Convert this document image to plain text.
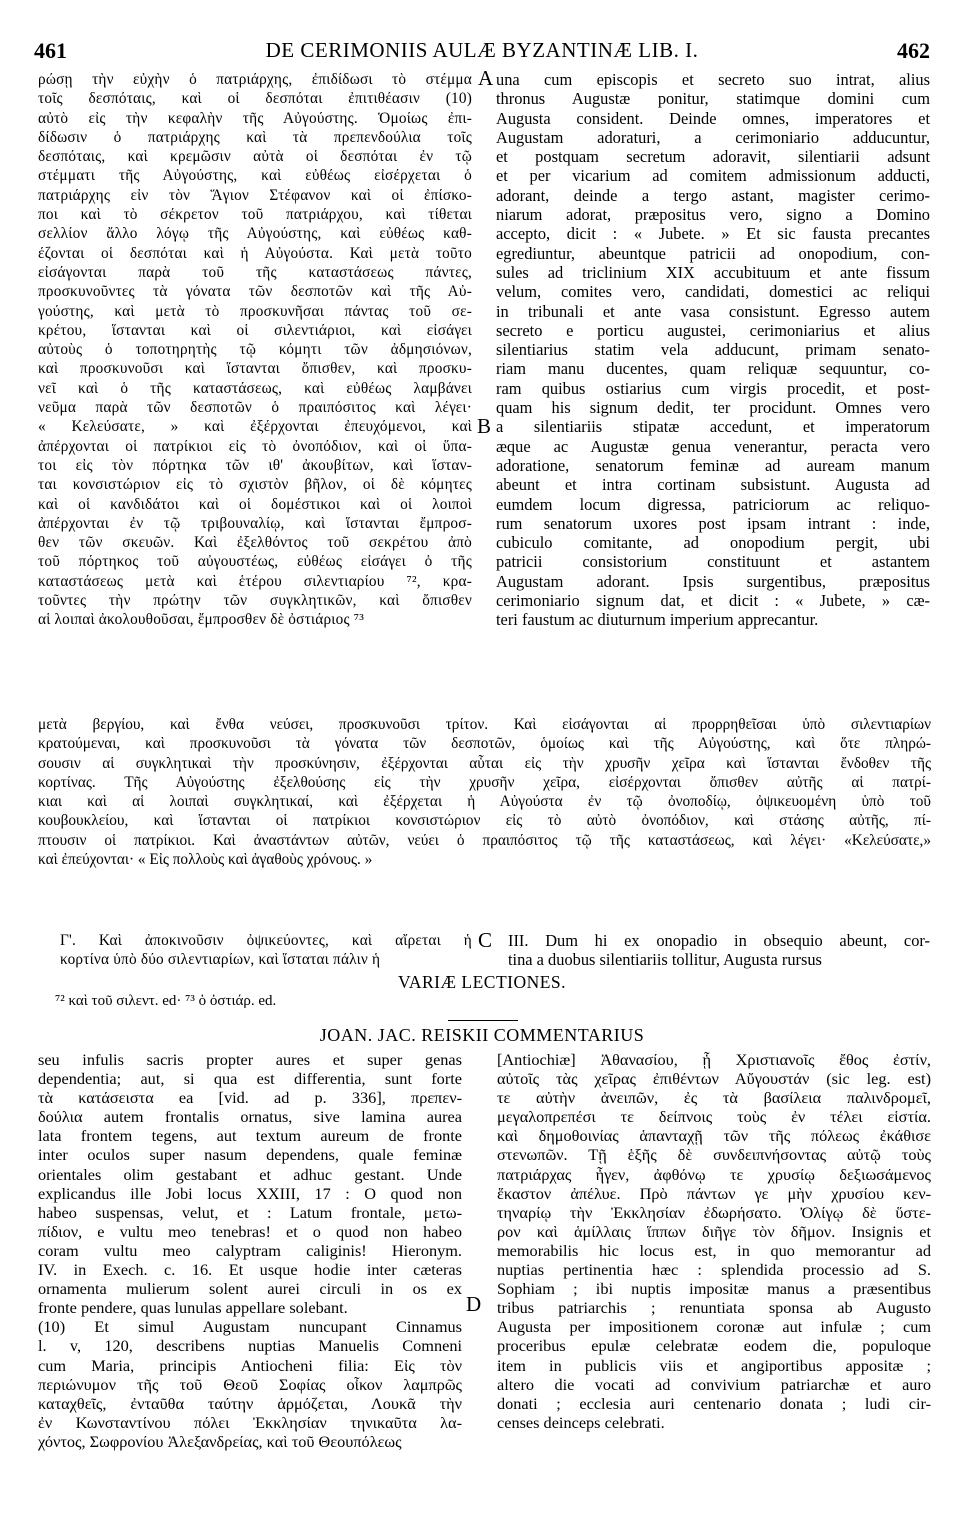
461	DE CERIMONIIS AULÆ BYZANTINÆ LIB. I.	462
ρώσῃ τὴν εὐχὴν ὁ πατριάρχης, ἐπιδίδωσι τὸ στέμμα
τοῖς δεσπόταις, καὶ οἱ δεσπόται ἐπιτιθέασιν (10)
αὐτὸ εἰς τὴν κεφαλὴν τῆς Αὐγούστης. Ὁμοίως ἐπι-
δίδωσιν ὁ πατριάρχης καὶ τὰ πρεπενδούλια τοῖς
δεσπόταις, καὶ κρεμῶσιν αὐτὰ οἱ δεσπόται ἐν τῷ
στέμματι τῆς Αὐγούστης, καὶ εὐθέως εἰσέρχεται ὁ
πατριάρχης εἰν τὸν Ἅγιον Στέφανον καὶ οἱ ἐπίσκο-
ποι καὶ τὸ σέκρετον τοῦ πατριάρχου, καὶ τίθεται
σελλίον ἄλλο λόγῳ τῆς Αὐγούστης, καὶ εὐθέως καθ-
έζονται οἱ δεσπόται καὶ ἡ Αὐγούστα. Καὶ μετὰ τοῦτο
εἰσάγονται παρὰ τοῦ τῆς καταστάσεως πάντες,
προσκυνοῦντες τὰ γόνατα τῶν δεσποτῶν καὶ τῆς Αὐ-
γούστης, καὶ μετὰ τὸ προσκυνῆσαι πάντας τοῦ σε-
κρέτου, ἵστανται καὶ οἱ σιλεντιάριοι, καὶ εἰσάγει
αὐτοὺς ὁ τοποτηρητὴς τῷ κόμητι τῶν ἀδμησιόνων,
καὶ προσκυνοῦσι καὶ ἵστανται ὄπισθεν, καὶ προσκυ-
νεῖ καὶ ὁ τῆς καταστάσεως, καὶ εὐθέως λαμβάνει
νεῦμα παρὰ τῶν δεσποτῶν ὁ πραιπόσιτος καὶ λέγει·
« Κελεύσατε, » καὶ ἐξέρχονται ἐπευχόμενοι, καὶ
ἀπέρχονται οἱ πατρίκιοι εἰς τὸ ὀνοπόδιον, καὶ οἱ ὕπα-
τοι εἰς τὸν πόρτηκα τῶν ιθ' ἀκουβίτων, καὶ ἵσταν-
ται κονσιστώριον εἰς τὸ σχιστὸν βῆλον, οἱ δὲ κόμητες
καὶ οἱ κανδιδάτοι καὶ οἱ δομέστικοι καὶ οἱ λοιποὶ
ἀπέρχονται ἐν τῷ τριβουναλίῳ, καὶ ἵστανται ἔμπροσ-
θεν τῶν σκευῶν. Καὶ ἐξελθόντος τοῦ σεκρέτου ἀπὸ
τοῦ πόρτηκος τοῦ αὐγουστέως, εὐθέως εἰσάγει ὁ τῆς
καταστάσεως μετὰ καὶ ἑτέρου σιλεντιαρίου ⁷², κρα-
τοῦντες τὴν πρώτην τῶν συγκλητικῶν, καὶ ὄπισθεν
αἱ λοιπαὶ ἀκολουθοῦσαι, ἔμπροσθεν δὲ ὀστιάριος ⁷³
A
B
una cum episcopis et secreto suo intrat, alius
thronus Augustæ ponitur, statimque domini cum
Augusta consident. Deinde omnes, imperatores et
Augustam adoraturi, a cerimoniario adducuntur,
et postquam secretum adoravit, silentiarii adsunt
et per vicarium ad comitem admissionum adducti,
adorant, deinde a tergo astant, magister cerimo-
niarum adorat, præpositus vero, signo a Domino
accepto, dicit : « Jubete. » Et sic fausta precantes
egrediuntur, abeuntque patricii ad onopodium, con-
sules ad triclinium XIX accubituum et ante fissum
velum, comites vero, candidati, domestici ac reliqui
in tribunali et ante vasa consistunt. Egresso autem
secreto e porticu augustei, cerimoniarius et alius
silentiarius statim vela adducunt, primam senato-
riam manu ducentes, quam reliquæ sequuntur, co-
ram quibus ostiarius cum virgis procedit, et post-
quam his signum dedit, ter procidunt. Omnes vero
a silentiariis stipatæ accedunt, et imperatorum
æque ac Augustæ genua venerantur, peracta vero
adoratione, senatorum feminæ ad auream manum
abeunt et intra cortinam subsistunt. Augusta ad
eumdem locum digressa, patriciorum ac reliquo-
rum senatorum uxores post ipsam intrant : inde,
cubiculo comitante, ad onopodium pergit, ubi
patricii consistorium constituunt et astantem
Augustam adorant. Ipsis surgentibus, præpositus
cerimoniario signum dat, et dicit : « Jubete, » cæ-
teri faustum ac diuturnum imperium apprecantur.
μετὰ βεργίου, καὶ ἔνθα νεύσει, προσκυνοῦσι τρίτον. Καὶ εἰσάγονται αἱ προρρηθεῖσαι ὑπὸ σιλεντιαρίων
κρατούμεναι, καὶ προσκυνοῦσι τὰ γόνατα τῶν δεσποτῶν, ὁμοίως καὶ τῆς Αὐγούστης, καὶ ὅτε πληρώ-
σουσιν αἱ συγκλητικαὶ τὴν προσκύνησιν, ἐξέρχονται αὗται εἰς τὴν χρυσῆν χεῖρα καὶ ἵστανται ἔνδοθεν τῆς
κορτίνας. Τῆς Αὐγούστης ἐξελθούσης εἰς τὴν χρυσῆν χεῖρα, εἰσέρχονται ὄπισθεν αὐτῆς αἱ πατρί-
κιαι καὶ αἱ λοιπαὶ συγκλητικαί, καὶ ἐξέρχεται ἡ Αὐγούστα ἐν τῷ ὀνοποδίῳ, ὀψικευομένη ὑπὸ τοῦ
κουβουκλείου, καὶ ἵστανται οἱ πατρίκιοι κονσιστώριον εἰς τὸ αὐτὸ ὀνοπόδιον, καὶ στάσης αὐτῆς, πί-
πτουσιν οἱ πατρίκιοι. Καὶ ἀναστάντων αὐτῶν, νεύει ὁ πραιπόσιτος τῷ τῆς καταστάσεως, καὶ λέγει· «Κελεύσατε,»
καὶ ἐπεύχονται· « Εἰς πολλοὺς καὶ ἀγαθοὺς χρόνους. »
Γ'. Καὶ ἀποκινοῦσιν ὀψικεύοντες, καὶ αἴρεται ἡ
κορτίνα ὑπὸ δύο σιλεντιαρίων, καὶ ἵσταται πάλιν ἡ
C III. Dum hi ex onopadio in obsequio abeunt, cor-
tina a duobus silentiariis tollitur, Augusta rursus
VARIÆ LECTIONES.
⁷² καὶ τοῦ σιλεντ. ed· ⁷³ ὁ ὀστιάρ. ed.
JOAN. JAC. REISKII COMMENTARIUS
seu infulis sacris propter aures et super genas
dependentia; aut, si qua est differentia, sunt forte
τὰ κατάσειστα ea [vid. ad p. 336], πρεπεν-
δούλια autem frontalis ornatus, sive lamina aurea
lata frontem tegens, aut textum aureum de fronte
inter oculos super nasum dependens, quale feminæ
orientales olim gestabant et adhuc gestant. Unde
explicandus ille Jobi locus XXIII, 17 : O quod non
habeo suspensas, velut, et : Latum frontale, μετω-
πίδιον, e vultu meo tenebras! et o quod non habeo
coram vultu meo calyptram caliginis! Hieronym.
IV. in Exech. c. 16. Et usque hodie inter cæteras
ornamenta mulierum solent aurei circuli in os ex
fronte pendere, quas lunulas appellare solebant.
(10) Et simul Augustam nuncupant Cinnamus
l. v, 120, describens nuptias Manuelis Comneni
cum Maria, principis Antiocheni filia: Εἰς τὸν
περιώνυμον τῆς τοῦ Θεοῦ Σοφίας οἶκον λαμπρῶς
καταχθεῖς, ἐνταῦθα ταύτην ἁρμόζεται, Λουκᾶ τὴν
ἐν Κωνσταντίνου πόλει Ἐκκλησίαν τηνικαῦτα λα-
χόντος, Σωφρονίου Ἀλεξανδρείας, καὶ τοῦ Θεουπόλεως
D
[Antiochiæ] Ἀθανασίου, ᾗ Χριστιανοῖς ἔθος ἐστίν,
αὐτοῖς τὰς χεῖρας ἐπιθέντων Αὔγουστάν (sic leg. est)
τε αὐτὴν ἀνειπῶν, ἐς τὰ βασίλεια παλινδρομεῖ,
μεγαλοπρεπέσι τε δείπνοις τοὺς ἐν τέλει εἱστία.
καὶ δημοθοινίας ἁπανταχῇ τῶν τῆς πόλεως ἐκάθισε
στενωπῶν. Τῇ ἑξῆς δὲ συνδειπνήσοντας αὐτῷ τοὺς
πατριάρχας ἦγεν, ἀφθόνῳ τε χρυσίῳ δεξιωσάμενος
ἕκαστον ἀπέλυε. Πρὸ πάντων γε μὴν χρυσίου κεν-
τηναρίῳ τὴν Ἐκκλησίαν ἐδωρήσατο. Ὀλίγῳ δὲ ὕστε-
ρον καὶ ἁμίλλαις ἵππων διῆγε τὸν δῆμον. Insignis et
memorabilis hic locus est, in quo memorantur ad
nuptias pertinentia hæc : splendida processio ad S.
Sophiam ; ibi nuptis impositæ manus a præsentibus
tribus patriarchis ; renuntiata sponsa ab Augusto
Augusta per impositionem coronæ aut infulæ ; cum
proceribus epulæ celebratæ eodem die, populoque
item in publicis viis et angiportibus appositæ ;
altero die vocati ad convivium patriarchæ et auro
donati ; ecclesia auri centenario donata ; ludi cir-
censes deinceps celebrati.
